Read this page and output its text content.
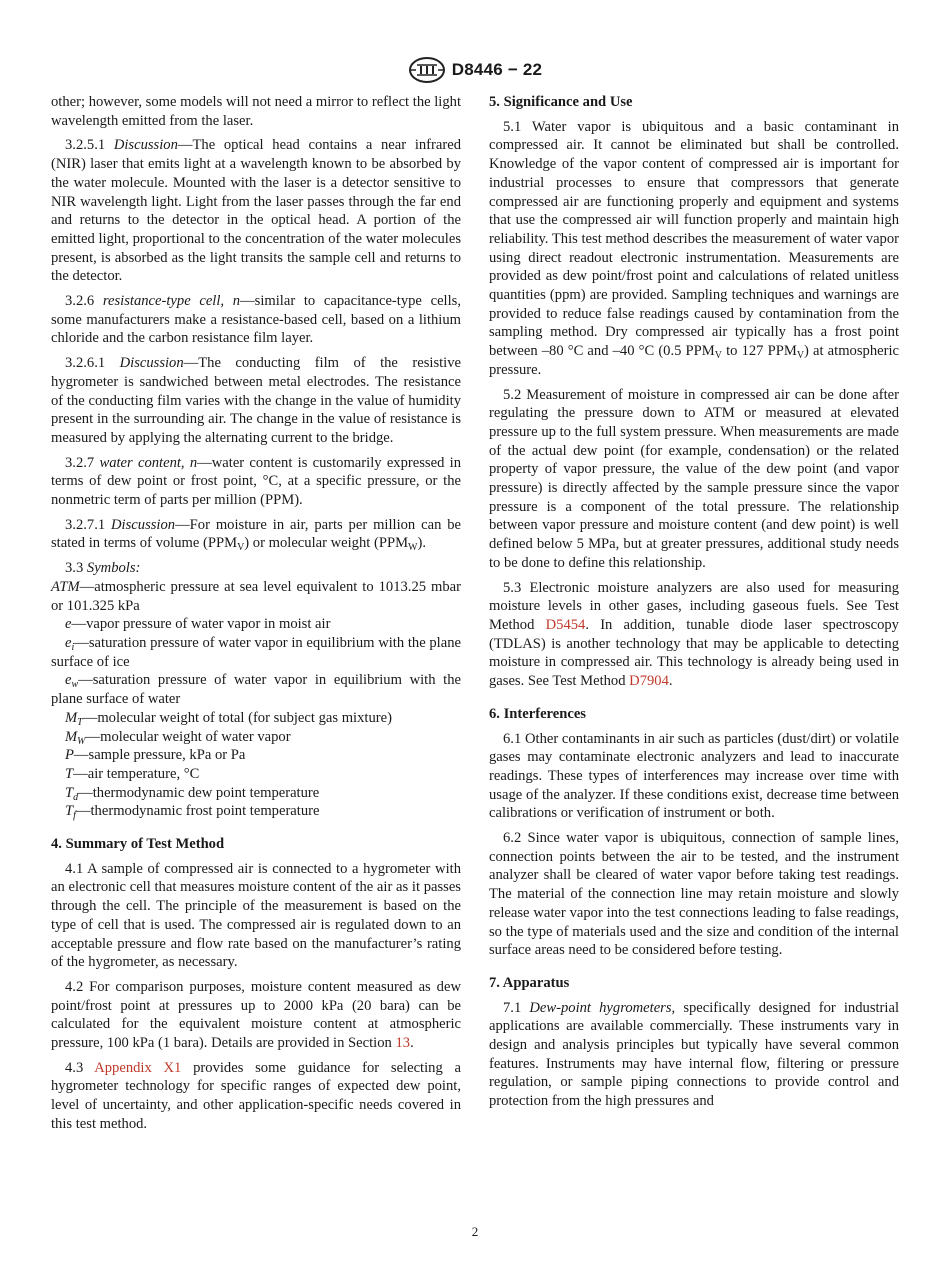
D8446 − 22

other; however, some models will not need a mirror to reflect the light wavelength emitted from the laser.

3.2.5.1 Discussion—The optical head contains a near infrared (NIR) laser that emits light at a wavelength known to be absorbed by the water molecule. Mounted with the laser is a detector sensitive to NIR wavelength light. Light from the laser passes through the far end and returns to the detector in the optical head. A portion of the emitted light, proportional to the concentration of the water molecules present, is absorbed as the light transits the sample cell and returns to the detector.

3.2.6 resistance-type cell, n—similar to capacitance-type cells, some manufacturers make a resistance-based cell, based on a lithium chloride and the carbon resistance film layer.

3.2.6.1 Discussion—The conducting film of the resistive hygrometer is sandwiched between metal electrodes. The resistance of the conducting film varies with the change in the value of humidity present in the surrounding air. The change in the value of resistance is measured by applying the alternating current to the bridge.

3.2.7 water content, n—water content is customarily expressed in terms of dew point or frost point, °C, at a specific pressure, or the nonmetric term of parts per million (PPM).

3.2.7.1 Discussion—For moisture in air, parts per million can be stated in terms of volume $(PPM_V)$ or molecular weight $(PPM_W)$.

3.3 Symbols:

ATM—atmospheric pressure at sea level equivalent to 1013.25 mbar or 101.325 kPa

e—vapor pressure of water vapor in moist air

$e_i—saturation$ pressure of water vapor in equilibrium with the plane surface of ice

$e_w—saturation$ pressure of water vapor in equilibrium with the plane surface of water

$M_T—molecular$ weight of total (for subject gas mixture)

$M_W—molecular$ weight of water vapor

P—sample pressure, kPa or Pa

T—air temperature, °C

$T_d—thermodynamic$ dew point temperature

$T_f—thermodynamic$ frost point temperature

4. Summary of Test Method

4.1 A sample of compressed air is connected to a hygrometer with an electronic cell that measures moisture content of the air as it passes through the cell. The principle of the measurement is based on the type of cell that is used. The compressed air is regulated down to an acceptable pressure and flow rate based on the manufacturer’s rating of the hygrometer, as necessary.

4.2 For comparison purposes, moisture content measured as dew point/frost point at pressures up to 2000 kPa (20 bara) can be calculated for the equivalent moisture content at atmospheric pressure, 100 kPa (1 bara). Details are provided in Section 13.

4.3 Appendix X1 provides some guidance for selecting a hygrometer technology for specific ranges of expected dew point, level of uncertainty, and other application-specific needs covered in this test method.

5. Significance and Use

5.1 Water vapor is ubiquitous and a basic contaminant in compressed air. It cannot be eliminated but shall be controlled. Knowledge of the vapor content of compressed air is important for industrial processes to ensure that compressors that generate compressed air are functioning properly and equipment and systems that use the compressed air will function properly and maintain high reliability. This test method describes the measurement of water vapor using direct readout electronic instrumentation. Measurements are provided as dew point/frost point and calculations of related unitless quantities (ppm) are provided. Sampling techniques and warnings are provided to reduce false readings caused by contamination from the sampling method. Dry compressed air typically has a frost point between –80 °C and –40 °C (0.5 $PPM_V$ to 127 $PPM_V$) at atmospheric pressure.

5.2 Measurement of moisture in compressed air can be done after regulating the pressure down to ATM or measured at elevated pressure up to the full system pressure. When measurements are made of the actual dew point (for example, condensation) or the related property of vapor pressure, the value of the dew point (and vapor pressure) is directly affected by the sample pressure since the vapor pressure is a component of the total pressure. The relationship between vapor pressure and moisture content (and dew point) is well defined below 5 MPa, but at greater pressures, additional study needs to be done to define this relationship.

5.3 Electronic moisture analyzers are also used for measuring moisture levels in other gases, including gaseous fuels. See Test Method D5454. In addition, tunable diode laser spectroscopy (TDLAS) is another technology that may be applicable to detecting moisture in compressed air. This technology is already being used in gases. See Test Method D7904.

6. Interferences

6.1 Other contaminants in air such as particles (dust/dirt) or volatile gases may contaminate electronic analyzers and lead to inaccurate readings. These types of interferences may increase over time with usage of the analyzer. If these conditions exist, decrease time between calibrations or verification of instrument or both.

6.2 Since water vapor is ubiquitous, connection of sample lines, connection points between the air to be tested, and the instrument analyzer shall be cleared of water vapor before taking test readings. The material of the connection line may retain moisture and slowly release water vapor into the test connections leading to false readings, so the type of materials used and the size and condition of the internal surface areas need to be considered before testing.

7. Apparatus

7.1 Dew-point hygrometers, specifically designed for industrial applications are available commercially. These instruments vary in design and analysis principles but typically have several common features. Instruments may have internal flow, filtering or pressure regulation, or sample piping connections to provide control and protection from the high pressures and

2
